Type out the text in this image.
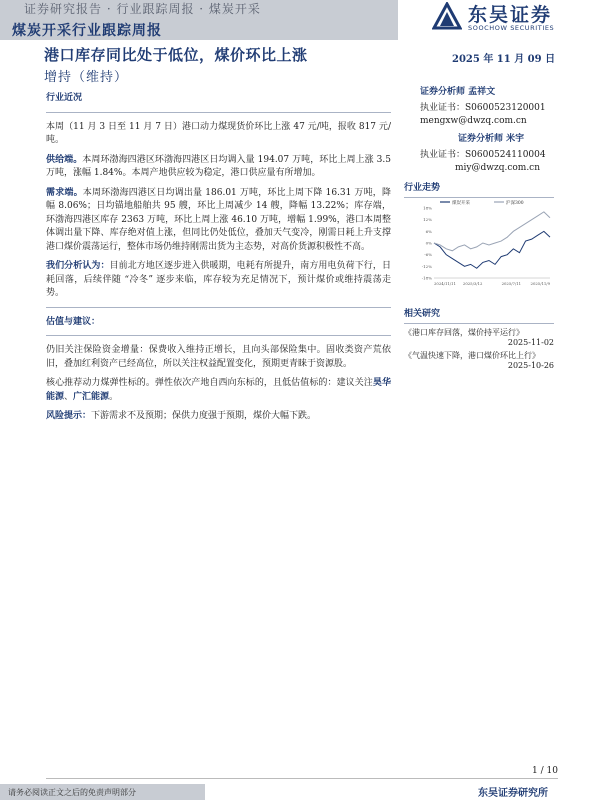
证券研究报告 · 行业跟踪周报 · 煤炭开采
煤炭开采行业跟踪周报
东吴证券
SOOCHOW SECURITIES
港口库存同比处于低位，煤价环比上涨
增持（维持）
2025 年 11 月 09 日
证券分析师 孟祥文
执业证书：S0600523120001
mengxw@dwzq.com.cn
证券分析师 米宇
执业证书：S0600524110004
miy@dwzq.com.cn
行业近况

本周（11 月 3 日至 11 月 7 日）港口动力煤现货价环比上涨 47 元/吨，报收 817 元/吨。

供给端。本周环渤海四港区环渤海四港区日均调入量 194.07 万吨，环比上周上涨 3.5 万吨，涨幅 1.84%。本周产地供应较为稳定，港口供应量有所增加。

需求端。本周环渤海四港区日均调出量 186.01 万吨，环比上周下降 16.31 万吨，降幅 8.06%；日均锚地船舶共 95 艘，环比上周减少 14 艘，降幅 13.22%；库存端，环渤海四港区库存 2363 万吨，环比上周上涨 46.10 万吨，增幅 1.99%，港口本周整体调出量下降、库存绝对值上涨，但同比仍处低位，叠加天气变冷，刚需日耗上升支撑港口煤价震荡运行，整体市场仍维持刚需出货为主态势，对高价货源积极性不高。

我们分析认为：目前北方地区逐步进入供暖期，电耗有所提升，南方用电负荷下行，日耗回落，后续伴随 “冷冬” 逐步来临，库存较为充足情况下，预计煤价或维持震荡走势。

估值与建议：

仍旧关注保险资金增量：保费收入维持正增长，且向头部保险集中。固收类资产荒依旧，叠加红利资产已经高位，所以关注权益配置变化，预期更青睐于资源股。

核心推荐动力煤弹性标的。弹性依次产地自西向东标的，且低估值标的：建议关注昊华能源、广汇能源。

风险提示：下游需求不及预期；保供力度强于预期，煤价大幅下跌。

行业走势
18%
12%
6%
0%
-6%
-12%
-18%
2024/11/11 2025/3/12	2025/7/11 2025/11/9
煤炭开采	沪深300
相关研究
《港口库存回落，煤价持平运行》
2025-11-02
《气温快速下降，港口煤价环比上行》
2025-10-26
1 / 10
请务必阅读正文之后的免责声明部分	东吴证券研究所
